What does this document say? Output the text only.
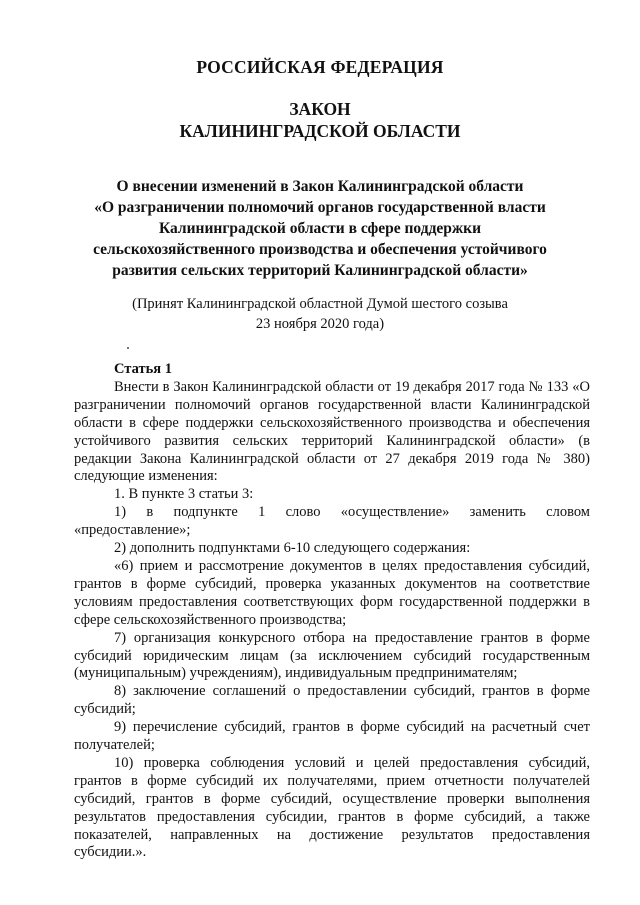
РОССИЙСКАЯ ФЕДЕРАЦИЯ
ЗАКОН
КАЛИНИНГРАДСКОЙ ОБЛАСТИ
О внесении изменений в Закон Калининградской области
«О разграничении полномочий органов государственной власти
Калининградской области в сфере поддержки
сельскохозяйственного производства и обеспечения устойчивого
развития сельских территорий Калининградской области»
(Принят Калининградской областной Думой шестого созыва
23 ноября 2020 года)

Статья 1

Внести в Закон Калининградской области от 19 декабря 2017 года № 133 «О разграничении полномочий органов государственной власти Калининградской области в сфере поддержки сельскохозяйственного производства и обеспечения устойчивого развития сельских территорий Калининградской области» (в редакции Закона Калининградской области от 27 декабря 2019 года № 380) следующие изменения:

1. В пункте 3 статьи 3:

1) в подпункте 1 слово «осуществление» заменить словом «предоставление»;

2) дополнить подпунктами 6-10 следующего содержания:

«6) прием и рассмотрение документов в целях предоставления субсидий, грантов в форме субсидий, проверка указанных документов на соответствие условиям предоставления соответствующих форм государственной поддержки в сфере сельскохозяйственного производства;

7) организация конкурсного отбора на предоставление грантов в форме субсидий юридическим лицам (за исключением субсидий государственным (муниципальным) учреждениям), индивидуальным предпринимателям;

8) заключение соглашений о предоставлении субсидий, грантов в форме субсидий;

9) перечисление субсидий, грантов в форме субсидий на расчетный счет получателей;

10) проверка соблюдения условий и целей предоставления субсидий, грантов в форме субсидий их получателями, прием отчетности получателей субсидий, грантов в форме субсидий, осуществление проверки выполнения результатов предоставления субсидии, грантов в форме субсидий, а также показателей, направленных на достижение результатов предоставления субсидии.».
